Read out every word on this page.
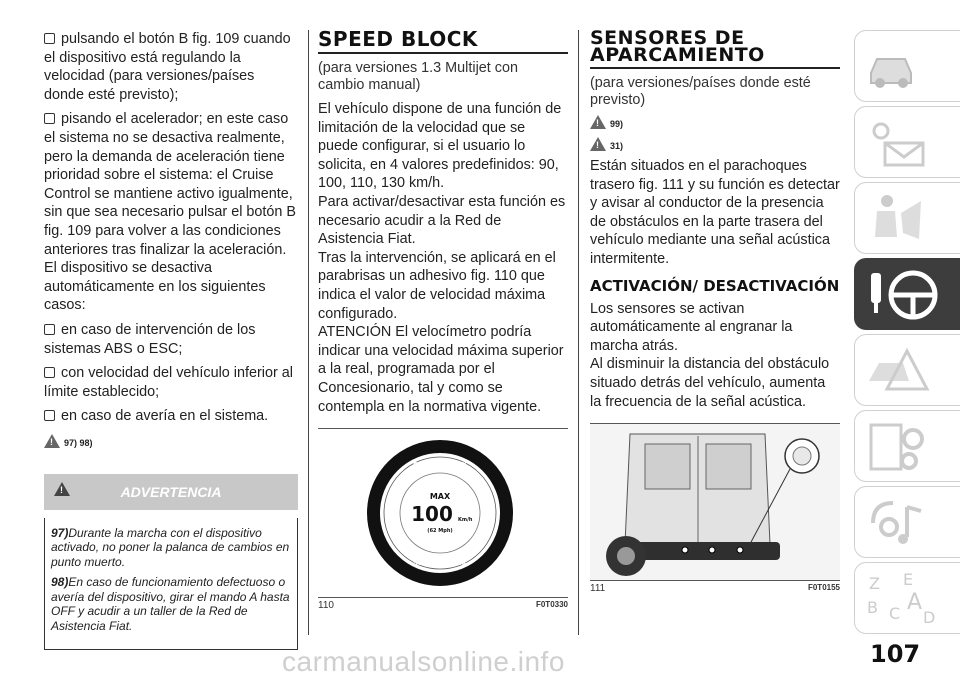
pulsando el botón B fig. 109 cuando el dispositivo está regulando la velocidad (para versiones/países donde esté previsto);
pisando el acelerador; en este caso el sistema no se desactiva realmente, pero la demanda de aceleración tiene prioridad sobre el sistema: el Cruise Control se mantiene activo igualmente, sin que sea necesario pulsar el botón B fig. 109 para volver a las condiciones anteriores tras finalizar la aceleración.
El dispositivo se desactiva automáticamente en los siguientes casos:
en caso de intervención de los sistemas ABS o ESC;
con velocidad del vehículo inferior al límite establecido;
en caso de avería en el sistema.
! 97) 98)
!	ADVERTENCIA
97)Durante la marcha con el dispositivo activado, no poner la palanca de cambios en punto muerto.
98)En caso de funcionamiento defectuoso o avería del dispositivo, girar el mando A hasta OFF y acudir a un taller de la Red de Asistencia Fiat.
SPEED BLOCK
(para versiones 1.3 Multijet con cambio manual)
El vehículo dispone de una función de limitación de la velocidad que se puede configurar, si el usuario lo solicita, en 4 valores predefinidos: 90, 100, 110, 130 km/h.
Para activar/desactivar esta función es necesario acudir a la Red de Asistencia Fiat.
Tras la intervención, se aplicará en el parabrisas un adhesivo fig. 110 que indica el valor de velocidad máxima configurado.
ATENCIÓN El velocímetro podría indicar una velocidad máxima superior a la real, programada por el Concesionario, tal y como se contempla en la normativa vigente.
SPEED BLOCK
SPEED BLOCK
MAX
100 Km/h
(62 Mph)
110	F0T0330
SENSORES DE APARCAMIENTO
(para versiones/países donde esté previsto)
! 99)
! 31)
Están situados en el parachoques trasero fig. 111 y su función es detectar y avisar al conductor de la presencia de obstáculos en la parte trasera del vehículo mediante una señal acústica intermitente.
ACTIVACIÓN/ DESACTIVACIÓN
Los sensores se activan automáticamente al engranar la marcha atrás.
Al disminuir la distancia del obstáculo situado detrás del vehículo, aumenta la frecuencia de la señal acústica.
111	F0T0155 Z E
B C A
D
107
carmanualsonline.info
